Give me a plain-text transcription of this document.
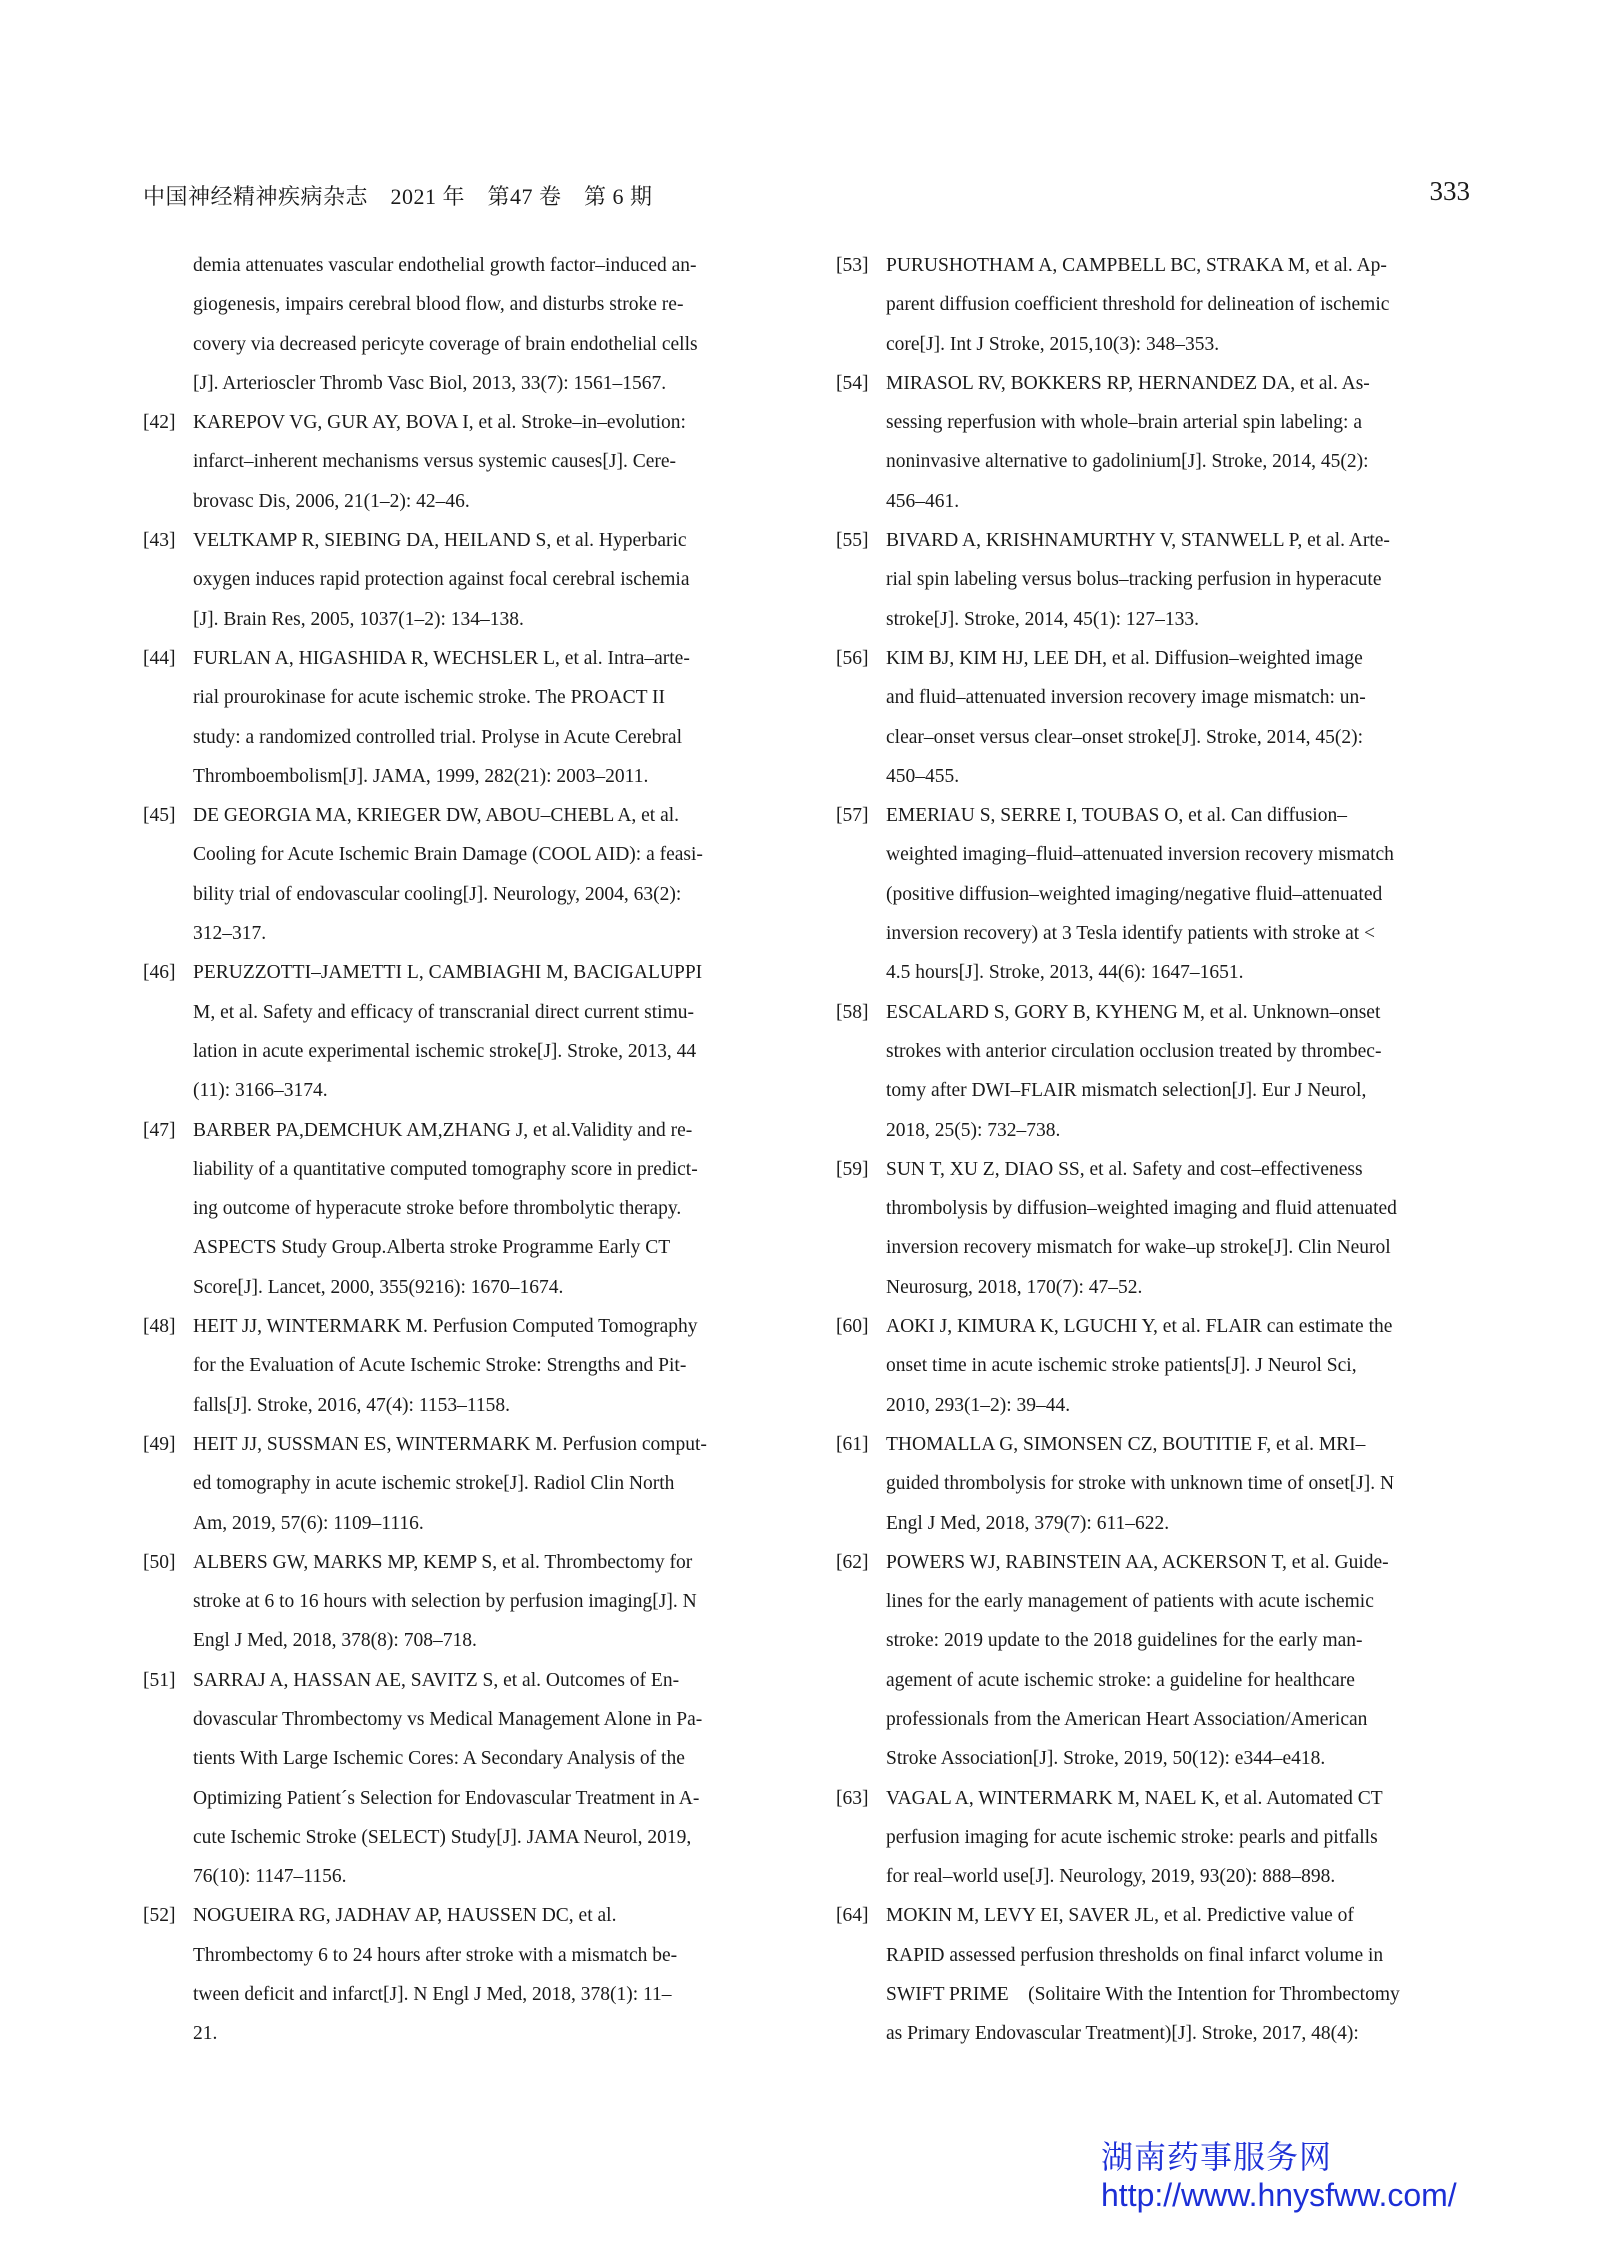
中国神经精神疾病杂志　2021 年　第47 卷　第 6 期	333
demia attenuates vascular endothelial growth factor–induced an-
giogenesis, impairs cerebral blood flow, and disturbs stroke re-
covery via decreased pericyte coverage of brain endothelial cells
[J]. Arterioscler Thromb Vasc Biol, 2013, 33(7): 1561–1567.
[42] KAREPOV VG, GUR AY, BOVA I, et al. Stroke–in–evolution:
infarct–inherent mechanisms versus systemic causes[J]. Cere-
brovasc Dis, 2006, 21(1–2): 42–46.
[43] VELTKAMP R, SIEBING DA, HEILAND S, et al. Hyperbaric
oxygen induces rapid protection against focal cerebral ischemia
[J]. Brain Res, 2005, 1037(1–2): 134–138.
[44] FURLAN A, HIGASHIDA R, WECHSLER L, et al. Intra–arte-
rial prourokinase for acute ischemic stroke. The PROACT II
study: a randomized controlled trial. Prolyse in Acute Cerebral
Thromboembolism[J]. JAMA, 1999, 282(21): 2003–2011.
[45] DE GEORGIA MA, KRIEGER DW, ABOU–CHEBL A, et al.
Cooling for Acute Ischemic Brain Damage (COOL AID): a feasi-
bility trial of endovascular cooling[J]. Neurology, 2004, 63(2):
312–317.
[46] PERUZZOTTI–JAMETTI L, CAMBIAGHI M, BACIGALUPPI
M, et al. Safety and efficacy of transcranial direct current stimu-
lation in acute experimental ischemic stroke[J]. Stroke, 2013, 44
(11): 3166–3174.
[47] BARBER PA,DEMCHUK AM,ZHANG J, et al.Validity and re-
liability of a quantitative computed tomography score in predict-
ing outcome of hyperacute stroke before thrombolytic therapy.
ASPECTS Study Group.Alberta stroke Programme Early CT
Score[J]. Lancet, 2000, 355(9216): 1670–1674.
[48] HEIT JJ, WINTERMARK M. Perfusion Computed Tomography
for the Evaluation of Acute Ischemic Stroke: Strengths and Pit-
falls[J]. Stroke, 2016, 47(4): 1153–1158.
[49] HEIT JJ, SUSSMAN ES, WINTERMARK M. Perfusion comput-
ed tomography in acute ischemic stroke[J]. Radiol Clin North
Am, 2019, 57(6): 1109–1116.
[50] ALBERS GW, MARKS MP, KEMP S, et al. Thrombectomy for
stroke at 6 to 16 hours with selection by perfusion imaging[J]. N
Engl J Med, 2018, 378(8): 708–718.
[51] SARRAJ A, HASSAN AE, SAVITZ S, et al. Outcomes of En-
dovascular Thrombectomy vs Medical Management Alone in Pa-
tients With Large Ischemic Cores: A Secondary Analysis of the
Optimizing Patient´s Selection for Endovascular Treatment in A-
cute Ischemic Stroke (SELECT) Study[J]. JAMA Neurol, 2019,
76(10): 1147–1156.
[52] NOGUEIRA RG, JADHAV AP, HAUSSEN DC, et al.
Thrombectomy 6 to 24 hours after stroke with a mismatch be-
tween deficit and infarct[J]. N Engl J Med, 2018, 378(1): 11–
21.
[53] PURUSHOTHAM A, CAMPBELL BC, STRAKA M, et al. Ap-
parent diffusion coefficient threshold for delineation of ischemic
core[J]. Int J Stroke, 2015,10(3): 348–353.
[54] MIRASOL RV, BOKKERS RP, HERNANDEZ DA, et al. As-
sessing reperfusion with whole–brain arterial spin labeling: a
noninvasive alternative to gadolinium[J]. Stroke, 2014, 45(2):
456–461.
[55] BIVARD A, KRISHNAMURTHY V, STANWELL P, et al. Arte-
rial spin labeling versus bolus–tracking perfusion in hyperacute
stroke[J]. Stroke, 2014, 45(1): 127–133.
[56] KIM BJ, KIM HJ, LEE DH, et al. Diffusion–weighted image
and fluid–attenuated inversion recovery image mismatch: un-
clear–onset versus clear–onset stroke[J]. Stroke, 2014, 45(2):
450–455.
[57] EMERIAU S, SERRE I, TOUBAS O, et al. Can diffusion–
weighted imaging–fluid–attenuated inversion recovery mismatch
(positive diffusion–weighted imaging/negative fluid–attenuated
inversion recovery) at 3 Tesla identify patients with stroke at <
4.5 hours[J]. Stroke, 2013, 44(6): 1647–1651.
[58] ESCALARD S, GORY B, KYHENG M, et al. Unknown–onset
strokes with anterior circulation occlusion treated by thrombec-
tomy after DWI–FLAIR mismatch selection[J]. Eur J Neurol,
2018, 25(5): 732–738.
[59] SUN T, XU Z, DIAO SS, et al. Safety and cost–effectiveness
thrombolysis by diffusion–weighted imaging and fluid attenuated
inversion recovery mismatch for wake–up stroke[J]. Clin Neurol
Neurosurg, 2018, 170(7): 47–52.
[60] AOKI J, KIMURA K, LGUCHI Y, et al. FLAIR can estimate the
onset time in acute ischemic stroke patients[J]. J Neurol Sci,
2010, 293(1–2): 39–44.
[61] THOMALLA G, SIMONSEN CZ, BOUTITIE F, et al. MRI–
guided thrombolysis for stroke with unknown time of onset[J]. N
Engl J Med, 2018, 379(7): 611–622.
[62] POWERS WJ, RABINSTEIN AA, ACKERSON T, et al. Guide-
lines for the early management of patients with acute ischemic
stroke: 2019 update to the 2018 guidelines for the early man-
agement of acute ischemic stroke: a guideline for healthcare
professionals from the American Heart Association/American
Stroke Association[J]. Stroke, 2019, 50(12): e344–e418.
[63] VAGAL A, WINTERMARK M, NAEL K, et al. Automated CT
perfusion imaging for acute ischemic stroke: pearls and pitfalls
for real–world use[J]. Neurology, 2019, 93(20): 888–898.
[64] MOKIN M, LEVY EI, SAVER JL, et al. Predictive value of
RAPID assessed perfusion thresholds on final infarct volume in
SWIFT PRIME　(Solitaire With the Intention for Thrombectomy
as Primary Endovascular Treatment)[J]. Stroke, 2017, 48(4):
湖南药事服务网
http://www.hnysfww.com/
